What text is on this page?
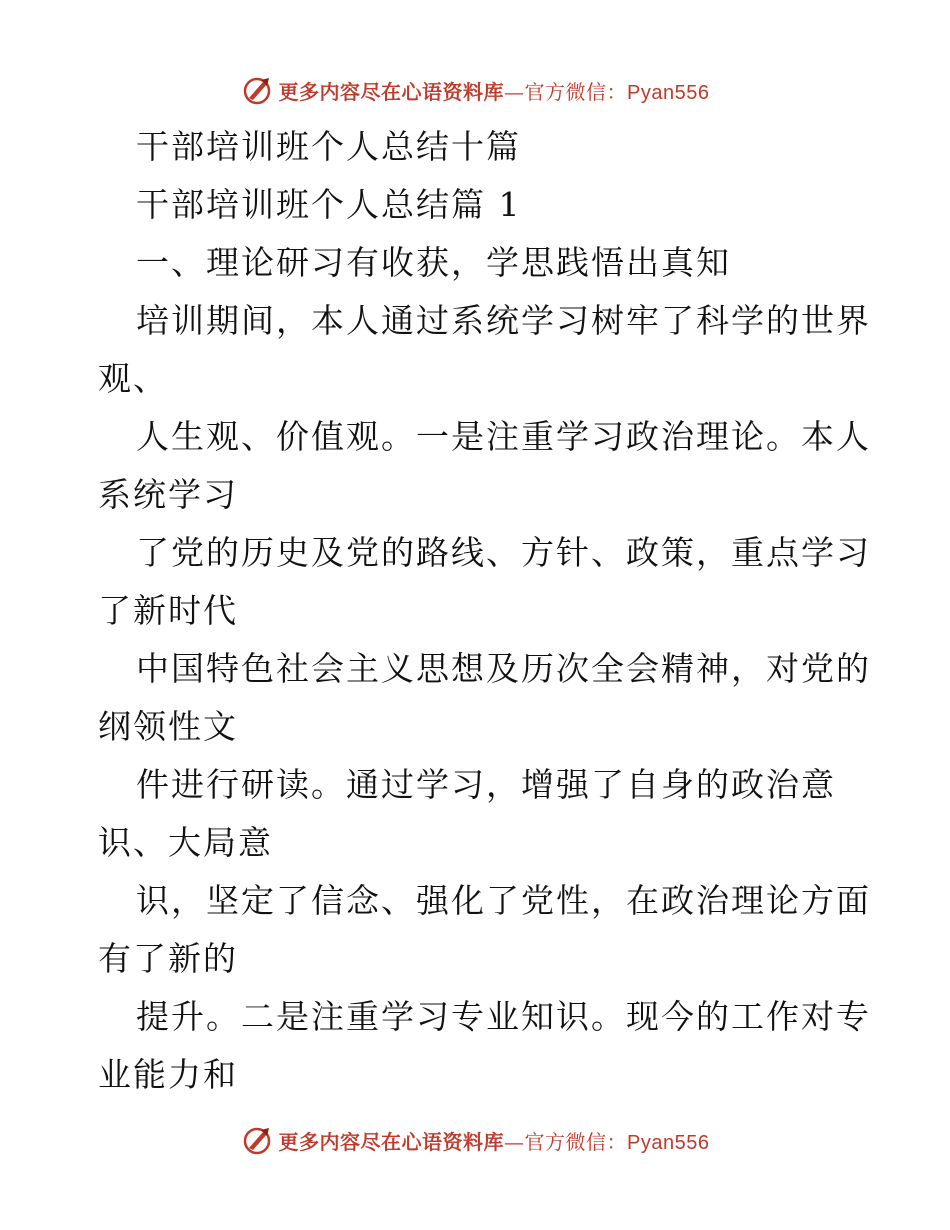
更多内容尽在心语资料库—官方微信：Pyan556
干部培训班个人总结十篇
干部培训班个人总结篇 1
一、理论研习有收获，学思践悟出真知
培训期间，本人通过系统学习树牢了科学的世界
观、
人生观、价值观。一是注重学习政治理论。本人
系统学习
了党的历史及党的路线、方针、政策，重点学习
了新时代
中国特色社会主义思想及历次全会精神，对党的
纲领性文
件进行研读。通过学习，增强了自身的政治意
识、大局意
识，坚定了信念、强化了党性，在政治理论方面
有了新的
提升。二是注重学习专业知识。现今的工作对专
业能力和
更多内容尽在心语资料库—官方微信：Pyan556
